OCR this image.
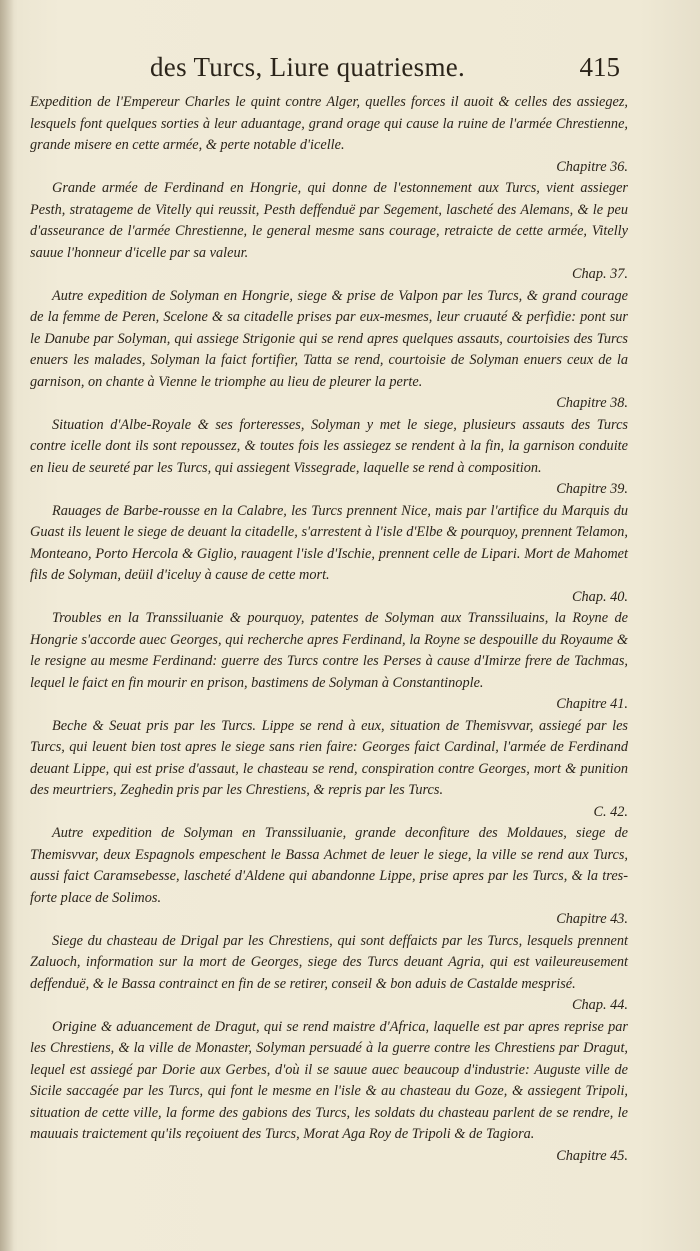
des Turcs, Liure quatriesme.	415

Expedition de l'Empereur Charles le quint contre Alger, quelles forces il auoit & celles des assiegez, lesquels font quelques sorties à leur aduantage, grand orage qui cause la ruine de l'armée Chrestienne, grande misere en cette armée, & perte notable d'icelle.

Chapitre 36.

Grande armée de Ferdinand en Hongrie, qui donne de l'estonnement aux Turcs, vient assieger Pesth, stratageme de Vitelly qui reussit, Pesth deffenduë par Segement, lascheté des Alemans, & le peu d'asseurance de l'armée Chrestienne, le general mesme sans courage, retraicte de cette armée, Vitelly sauue l'honneur d'icelle par sa valeur.

Chap. 37.

Autre expedition de Solyman en Hongrie, siege & prise de Valpon par les Turcs, & grand courage de la femme de Peren, Scelone & sa citadelle prises par eux-mesmes, leur cruauté & perfidie: pont sur le Danube par Solyman, qui assiege Strigonie qui se rend apres quelques assauts, courtoisies des Turcs enuers les malades, Solyman la faict fortifier, Tatta se rend, courtoisie de Solyman enuers ceux de la garnison, on chante à Vienne le triomphe au lieu de pleurer la perte.

Chapitre 38.

Situation d'Albe-Royale & ses forteresses, Solyman y met le siege, plusieurs assauts des Turcs contre icelle dont ils sont repoussez, & toutes fois les assiegez se rendent à la fin, la garnison conduite en lieu de seureté par les Turcs, qui assiegent Vissegrade, laquelle se rend à composition.

Chapitre 39.

Rauages de Barbe-rousse en la Calabre, les Turcs prennent Nice, mais par l'artifice du Marquis du Guast ils leuent le siege de deuant la citadelle, s'arrestent à l'isle d'Elbe & pourquoy, prennent Telamon, Monteano, Porto Hercola & Giglio, rauagent l'isle d'Ischie, prennent celle de Lipari. Mort de Mahomet fils de Solyman, deüil d'iceluy à cause de cette mort.

Chap. 40.

Troubles en la Transsiluanie & pourquoy, patentes de Solyman aux Transsiluains, la Royne de Hongrie s'accorde auec Georges, qui recherche apres Ferdinand, la Royne se despouille du Royaume & le resigne au mesme Ferdinand: guerre des Turcs contre les Perses à cause d'Imirze frere de Tachmas, lequel le faict en fin mourir en prison, bastimens de Solyman à Constantinople.

Chapitre 41.

Beche & Seuat pris par les Turcs. Lippe se rend à eux, situation de Themisvvar, assiegé par les Turcs, qui leuent bien tost apres le siege sans rien faire: Georges faict Cardinal, l'armée de Ferdinand deuant Lippe, qui est prise d'assaut, le chasteau se rend, conspiration contre Georges, mort & punition des meurtriers, Zeghedin pris par les Chrestiens, & repris par les Turcs.

C. 42.

Autre expedition de Solyman en Transsiluanie, grande deconfiture des Moldaues, siege de Themisvvar, deux Espagnols empeschent le Bassa Achmet de leuer le siege, la ville se rend aux Turcs, aussi faict Caramsebesse, lascheté d'Aldene qui abandonne Lippe, prise apres par les Turcs, & la tres-forte place de Solimos.

Chapitre 43.

Siege du chasteau de Drigal par les Chrestiens, qui sont deffaicts par les Turcs, lesquels prennent Zaluoch, information sur la mort de Georges, siege des Turcs deuant Agria, qui est vaileureusement deffenduë, & le Bassa contrainct en fin de se retirer, conseil & bon aduis de Castalde mesprisé.

Chap. 44.

Origine & aduancement de Dragut, qui se rend maistre d'Africa, laquelle est par apres reprise par les Chrestiens, & la ville de Monaster, Solyman persuadé à la guerre contre les Chrestiens par Dragut, lequel est assiegé par Dorie aux Gerbes, d'où il se sauue auec beaucoup d'industrie: Auguste ville de Sicile saccagée par les Turcs, qui font le mesme en l'isle & au chasteau du Goze, & assiegent Tripoli, situation de cette ville, la forme des gabions des Turcs, les soldats du chasteau parlent de se rendre, le mauuais traictement qu'ils reçoiuent des Turcs, Morat Aga Roy de Tripoli & de Tagiora.

Chapitre 45.
